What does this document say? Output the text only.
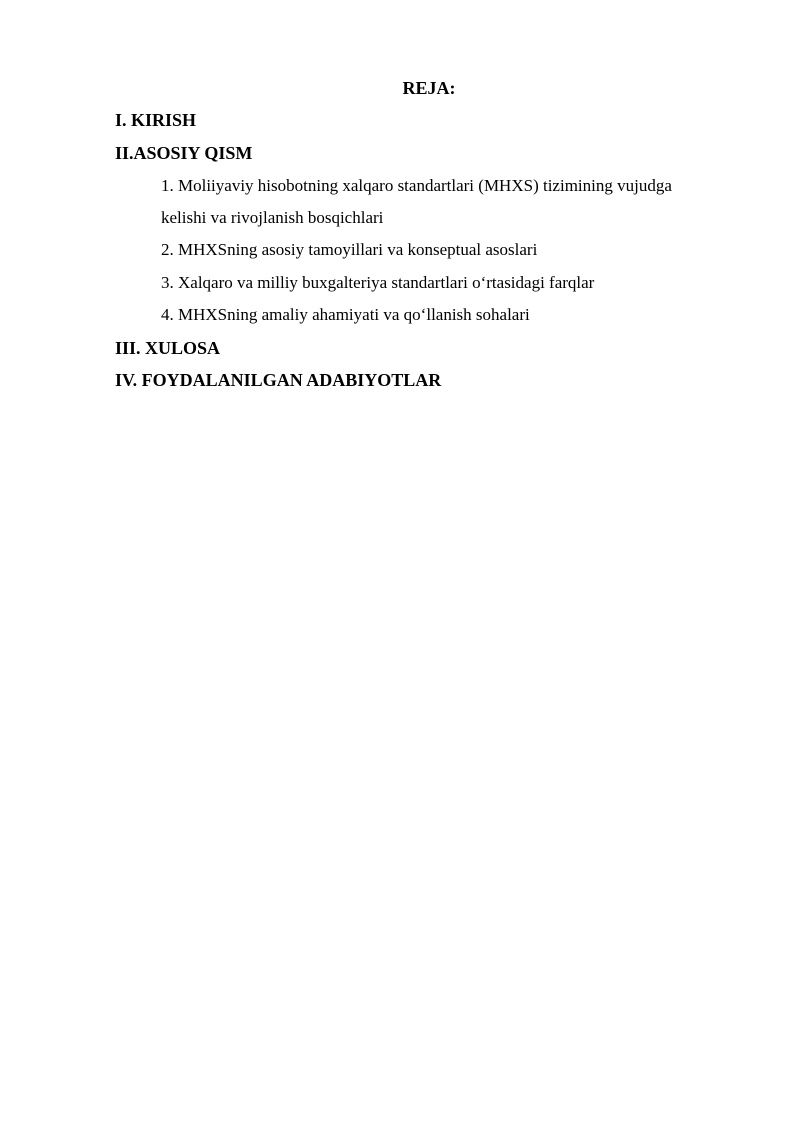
REJA:
I. KIRISH
II.ASOSIY QISM
1. Moliiyaviy hisobotning xalqaro standartlari (MHXS) tizimining vujudga
kelishi va rivojlanish bosqichlari
2. MHXSning asosiy tamoyillari va konseptual asoslari
3. Xalqaro va milliy buxgalteriya standartlari o‘rtasidagi farqlar
4. MHXSning amaliy ahamiyati va qo‘llanish sohalari
III. XULOSA
IV. FOYDALANILGAN ADABIYOTLAR
